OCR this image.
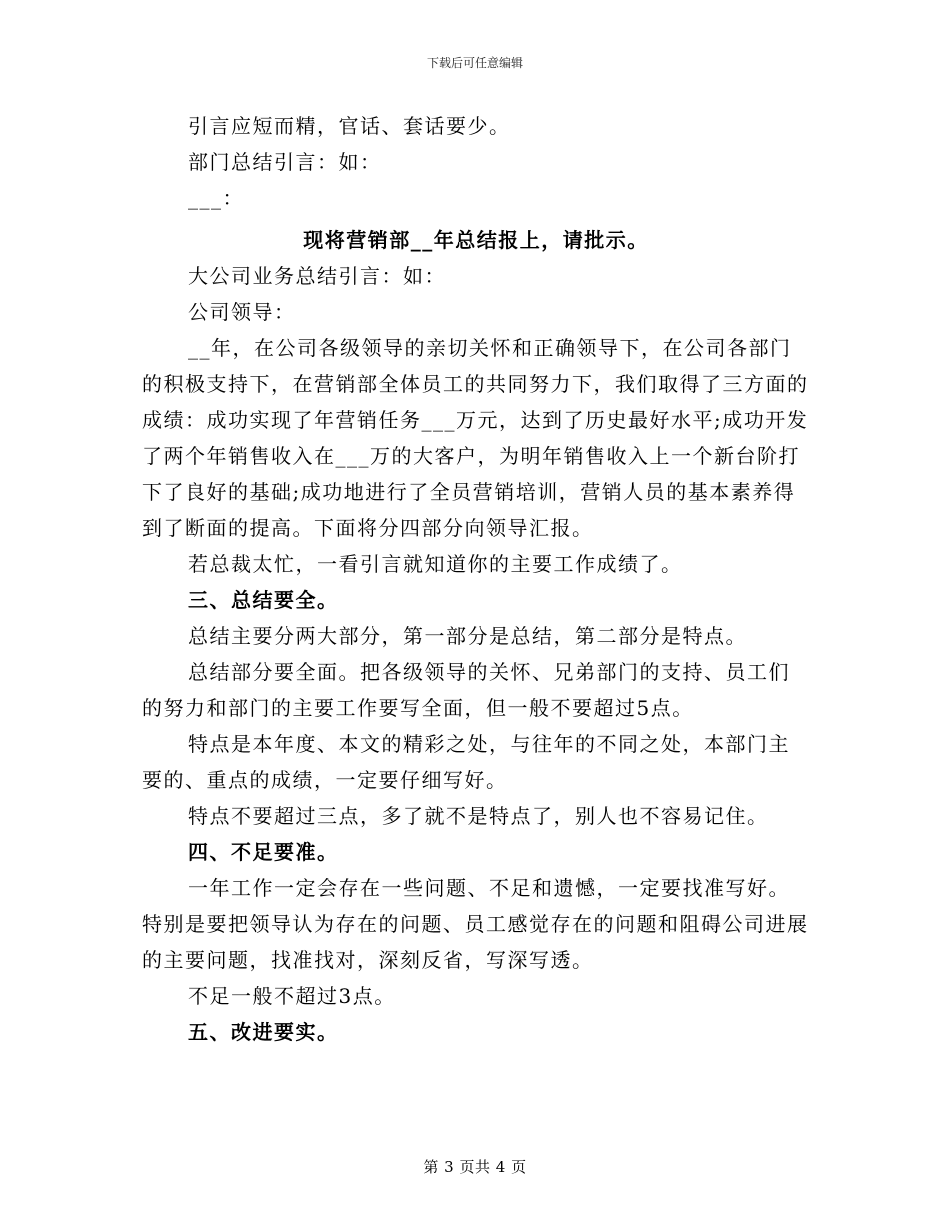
下载后可任意编辑

引言应短而精，官话、套话要少。

部门总结引言：如：

___：

现将营销部__年总结报上，请批示。

大公司业务总结引言：如：

公司领导：

__年，在公司各级领导的亲切关怀和正确领导下，在公司各部门的积极支持下，在营销部全体员工的共同努力下，我们取得了三方面的成绩：成功实现了年营销任务___万元，达到了历史最好水平;成功开发了两个年销售收入在___万的大客户，为明年销售收入上一个新台阶打下了良好的基础;成功地进行了全员营销培训，营销人员的基本素养得到了断面的提高。下面将分四部分向领导汇报。

若总裁太忙，一看引言就知道你的主要工作成绩了。

三、总结要全。

总结主要分两大部分，第一部分是总结，第二部分是特点。

总结部分要全面。把各级领导的关怀、兄弟部门的支持、员工们的努力和部门的主要工作要写全面，但一般不要超过5点。

特点是本年度、本文的精彩之处，与往年的不同之处，本部门主要的、重点的成绩，一定要仔细写好。

特点不要超过三点，多了就不是特点了，别人也不容易记住。

四、不足要准。

一年工作一定会存在一些问题、不足和遗憾，一定要找准写好。特别是要把领导认为存在的问题、员工感觉存在的问题和阻碍公司进展的主要问题，找准找对，深刻反省，写深写透。

不足一般不超过3点。

五、改进要实。

第 3 页共 4 页
